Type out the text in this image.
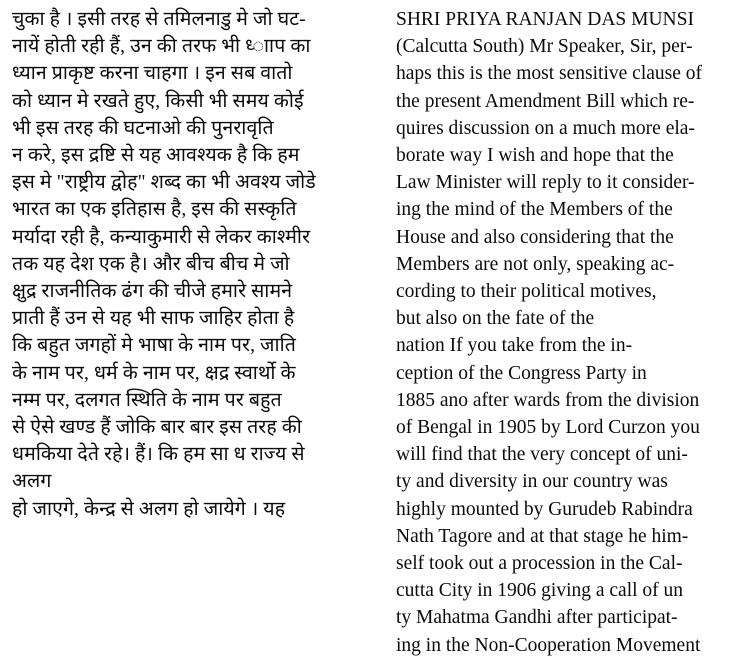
चुका है । इसी तरह से तमिलनाडु मे जो घट-
नायें होती रही हैं, उन की तरफ भी ध्‍ााप का
ध्यान प्राकृष्ट करना चाहगा । इन सब वातो
को ध्यान मे रखते हुए, किसी भी समय कोई
भी इस तरह की घटनाओ की पुनरावृति
न करे, इस द्रष्टि से यह आवश्यक है कि हम
इस मे "राष्ट्रीय द्वोह" शब्द का भी अवश्य जोडे
भारत का एक इतिहास है, इस की सस्कृति
मर्यादा रही है, कन्याकुमारी से लेकर काश्मीर
तक यह देश एक है। और बीच बीच मे जो
क्षुद्र राजनीतिक ढंग की चीजे हमारे सामने
प्राती हैं उन से यह भी साफ जाहिर होता है
कि बहुत जगहों मे भाषा के नाम पर, जाति
के नाम पर, धर्म के नाम पर, क्षद्र स्वार्थो के
नम्म पर, दलगत स्थिति के नाम पर बहुत
से ऐसे खण्ड हैं जोकि बार बार इस तरह की
धमकिया देते रहे। हैं। कि हम सा ध राज्य से
अलग
हो जाएगे, केन्द्र से अलग हो जायेगे । यह
SHRI PRIYA RANJAN DAS MUNSI
(Calcutta South) Mr Speaker, Sir, per-
haps this is the most sensitive clause of
the present Amendment Bill which re-
quires discussion on a much more ela-
borate way I wish and hope that the
Law Minister will reply to it consider-
ing the mind of the Members of the
House and also considering that the
Members are not only, speaking ac-
cording to their political motives,
but also on the fate of the
nation If you take from the in-
ception of the Congress Party in
1885 ano after wards from the division
of Bengal in 1905 by Lord Curzon you
will find that the very concept of uni-
ty and diversity in our country was
highly mounted by Gurudeb Rabindra
Nath Tagore and at that stage he him-
self took out a procession in the Cal-
cutta City in 1906 giving a call of un
ty Mahatma Gandhi after participat-
ing in the Non-Cooperation Movement
